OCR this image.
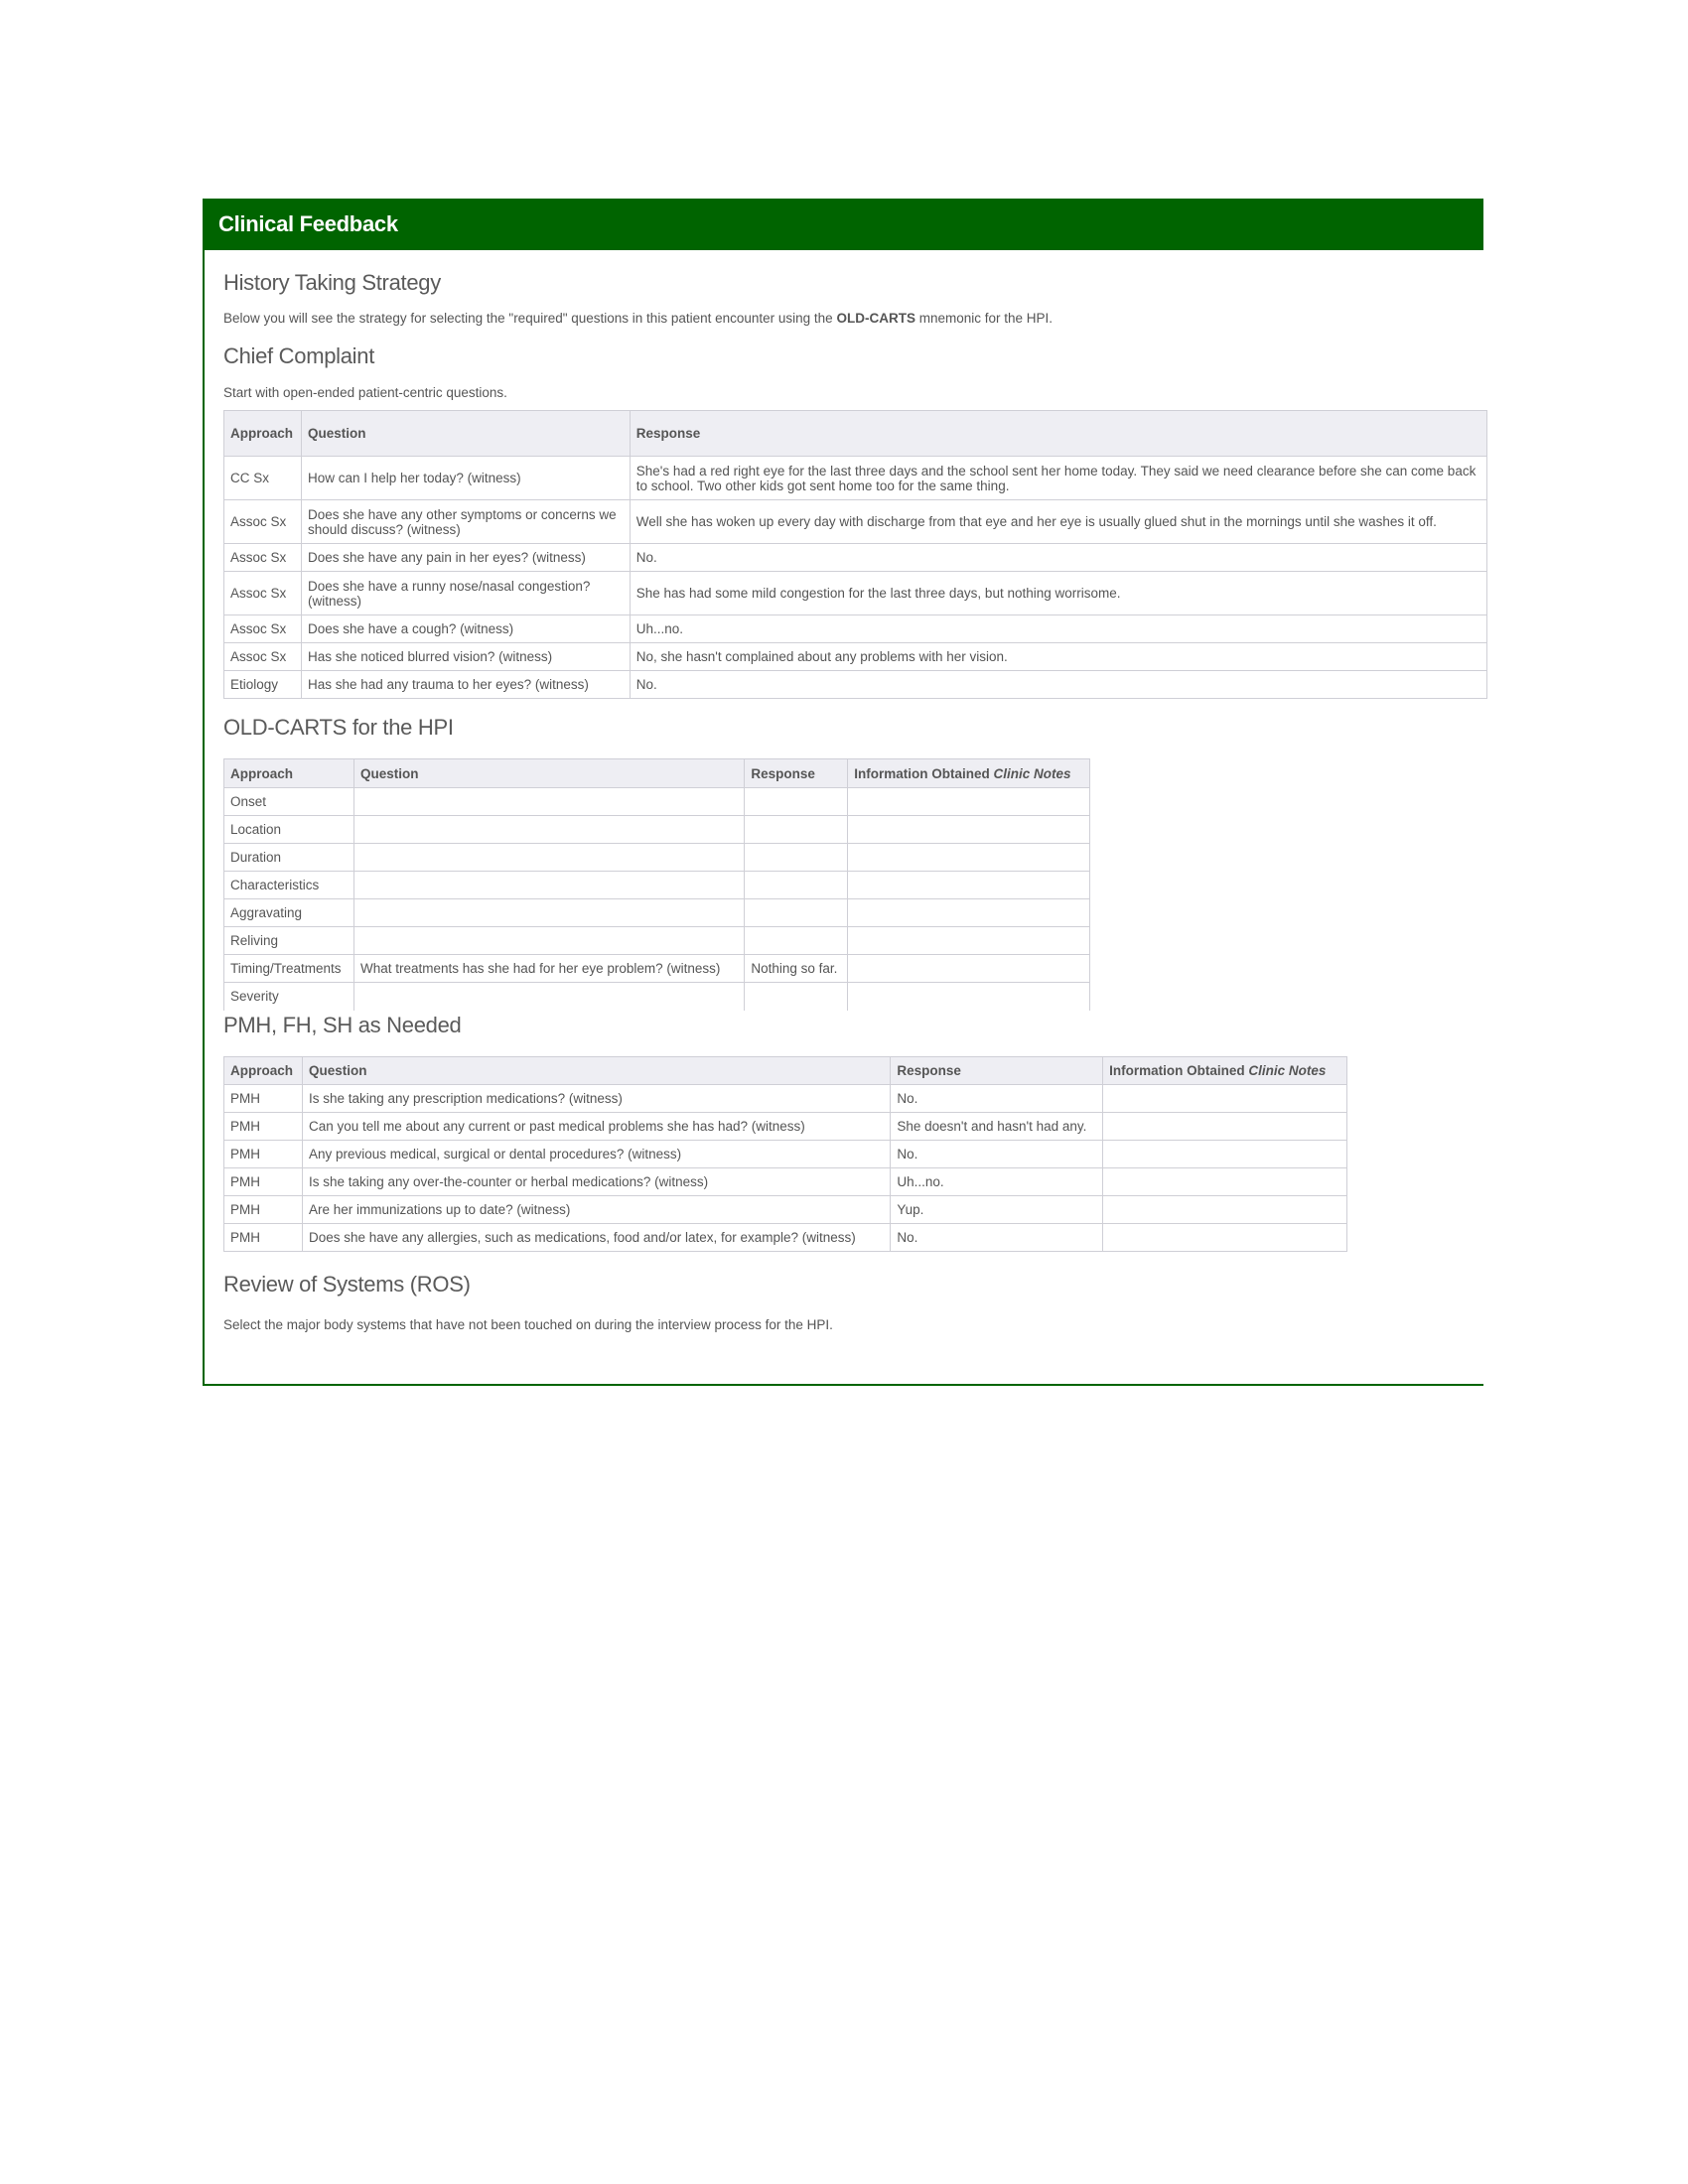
Clinical Feedback
History Taking Strategy

Below you will see the strategy for selecting the "required" questions in this patient encounter using the OLD-CARTS mnemonic for the HPI.

Chief Complaint

Start with open-ended patient-centric questions.

Approach	Question	Response
CC Sx	How can I help her today? (witness)	She's had a red right eye for the last three days and the school sent her home today. They said we need clearance before she can come back to school. Two other kids got sent home too for the same thing.
Assoc Sx	Does she have any other symptoms or concerns we should discuss? (witness)	Well she has woken up every day with discharge from that eye and her eye is usually glued shut in the mornings until she washes it off.
Assoc Sx	Does she have any pain in her eyes? (witness)	No.
Assoc Sx	Does she have a runny nose/nasal congestion? (witness)	She has had some mild congestion for the last three days, but nothing worrisome.
Assoc Sx	Does she have a cough? (witness)	Uh...no.
Assoc Sx	Has she noticed blurred vision? (witness)	No, she hasn't complained about any problems with her vision.
Etiology	Has she had any trauma to her eyes? (witness)	No.
OLD-CARTS for the HPI
Approach	Question	Response	Information Obtained Clinic Notes
Onset			
Location			
Duration			
Characteristics			
Aggravating			
Reliving			
Timing/Treatments	What treatments has she had for her eye problem? (witness)	Nothing so far.	
Severity			
PMH, FH, SH as Needed
Approach	Question	Response	Information Obtained Clinic Notes
PMH	Is she taking any prescription medications? (witness)	No.	
PMH	Can you tell me about any current or past medical problems she has had? (witness)	She doesn't and hasn't had any.	
PMH	Any previous medical, surgical or dental procedures? (witness)	No.	
PMH	Is she taking any over-the-counter or herbal medications? (witness)	Uh...no.	
PMH	Are her immunizations up to date? (witness)	Yup.	
PMH	Does she have any allergies, such as medications, food and/or latex, for example? (witness)	No.	
Review of Systems (ROS)

Select the major body systems that have not been touched on during the interview process for the HPI.
